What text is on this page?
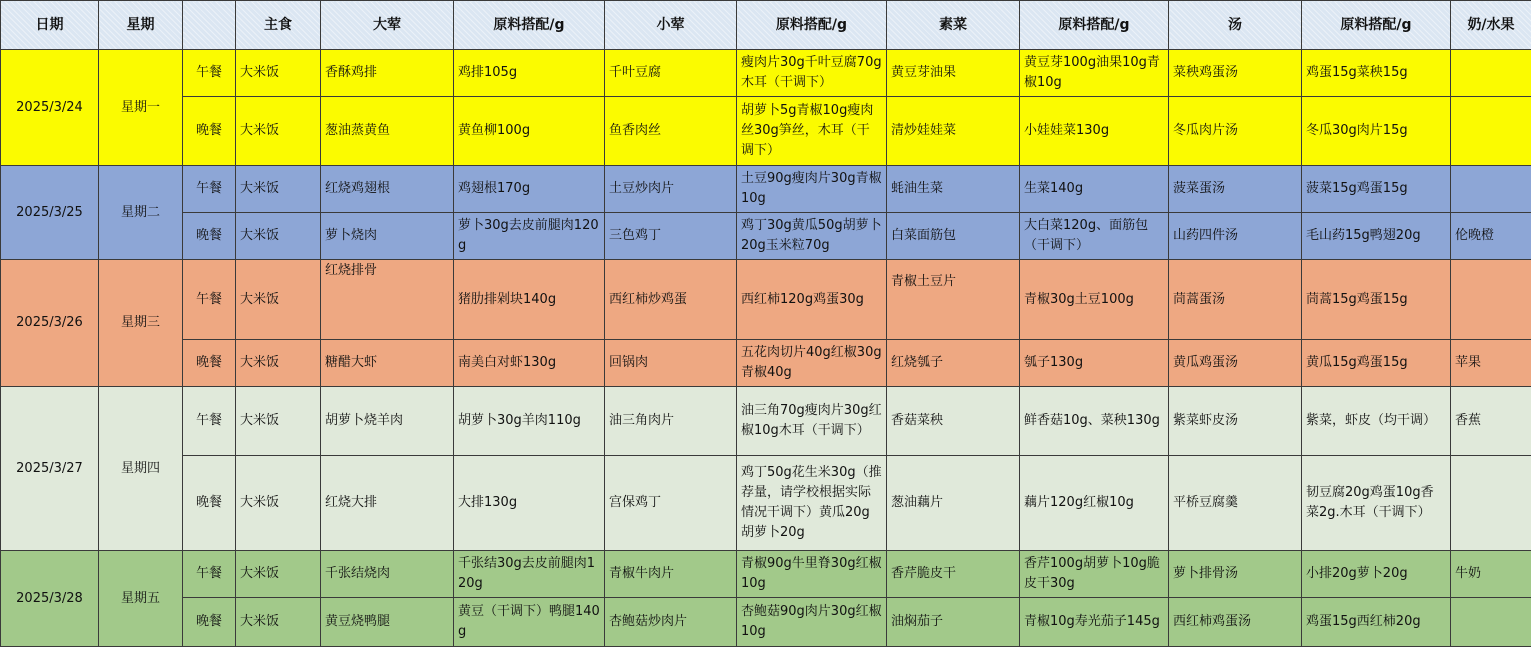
日期	星期		主食	大荤	原料搭配/g	小荤	原料搭配/g	素菜	原料搭配/g	汤	原料搭配/g	奶/水果
2025/3/24	星期一	午餐	大米饭	香酥鸡排	鸡排105g	千叶豆腐	瘦肉片30g千叶豆腐70g木耳（干调下）	黄豆芽油果	黄豆芽100g油果10g青椒10g	菜秧鸡蛋汤	鸡蛋15g菜秧15g	
		晚餐	大米饭	葱油蒸黄鱼	黄鱼柳100g	鱼香肉丝	胡萝卜5g青椒10g瘦肉丝30g笋丝，木耳（干调下）	清炒娃娃菜	小娃娃菜130g	冬瓜肉片汤	冬瓜30g肉片15g	
2025/3/25	星期二	午餐	大米饭	红烧鸡翅根	鸡翅根170g	土豆炒肉片	土豆90g瘦肉片30g青椒10g	蚝油生菜	生菜140g	菠菜蛋汤	菠菜15g鸡蛋15g	
		晚餐	大米饭	萝卜烧肉	萝卜30g去皮前腿肉120g	三色鸡丁	鸡丁30g黄瓜50g胡萝卜20g玉米粒70g	白菜面筋包	大白菜120g、面筋包（干调下）	山药四件汤	毛山药15g鸭翅20g	伦晚橙
2025/3/26	星期三	午餐	大米饭	红烧排骨	猪肋排剁块140g	西红柿炒鸡蛋	西红柿120g鸡蛋30g	青椒土豆片	青椒30g土豆100g	茼蒿蛋汤	茼蒿15g鸡蛋15g	
		晚餐	大米饭	糖醋大虾	南美白对虾130g	回锅肉	五花肉切片40g红椒30g青椒40g	红烧瓠子	瓠子130g	黄瓜鸡蛋汤	黄瓜15g鸡蛋15g	苹果
2025/3/27	星期四	午餐	大米饭	胡萝卜烧羊肉	胡萝卜30g羊肉110g	油三角肉片	油三角70g瘦肉片30g红椒10g木耳（干调下）	香菇菜秧	鲜香菇10g、菜秧130g	紫菜虾皮汤	紫菜，虾皮（均干调）	香蕉
		晚餐	大米饭	红烧大排	大排130g	宫保鸡丁	鸡丁50g花生米30g（推荐量，请学校根据实际情况干调下）黄瓜20g胡萝卜20g	葱油藕片	藕片120g红椒10g	平桥豆腐羹	韧豆腐20g鸡蛋10g香菜2g.木耳（干调下）	
2025/3/28	星期五	午餐	大米饭	千张结烧肉	千张结30g去皮前腿肉120g	青椒牛肉片	青椒90g牛里脊30g红椒10g	香芹脆皮干	香芹100g胡萝卜10g脆皮干30g	萝卜排骨汤	小排20g萝卜20g	牛奶
		晚餐	大米饭	黄豆烧鸭腿	黄豆（干调下）鸭腿140g	杏鲍菇炒肉片	杏鲍菇90g肉片30g红椒10g	油焖茄子	青椒10g寿光茄子145g	西红柿鸡蛋汤	鸡蛋15g西红柿20g	
